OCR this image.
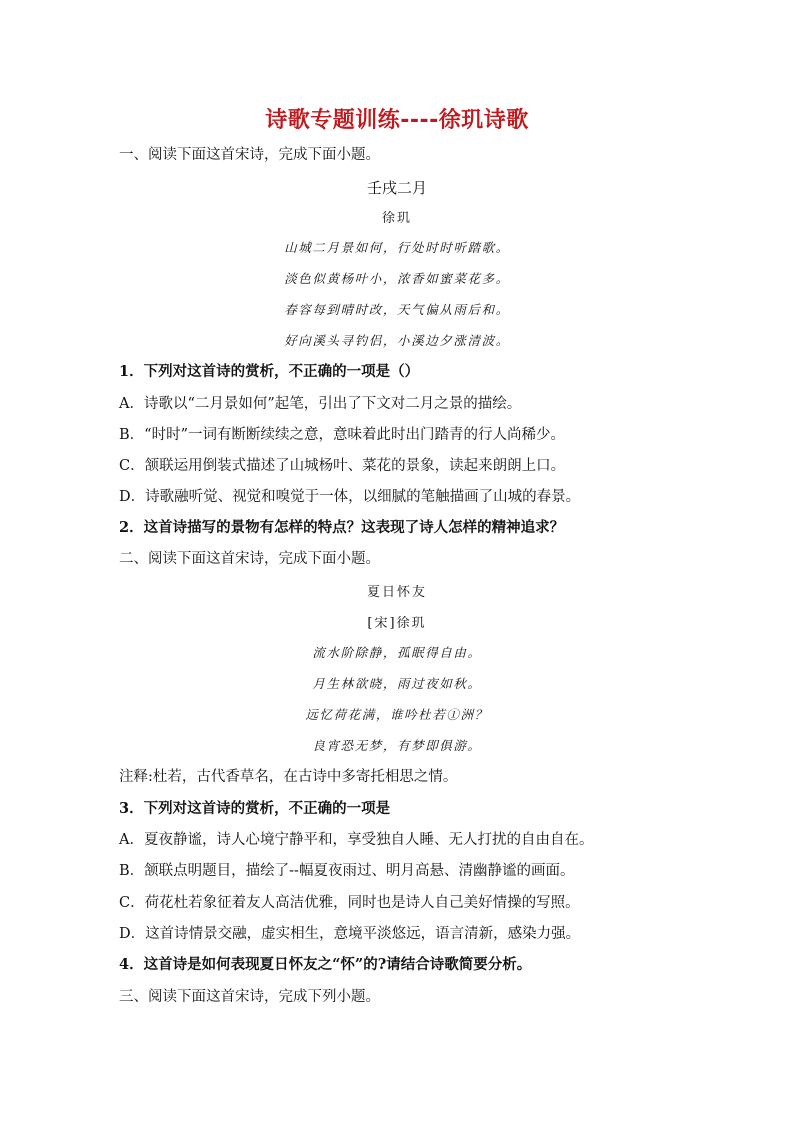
诗歌专题训练----徐玑诗歌
一、阅读下面这首宋诗，完成下面小题。
壬戌二月
徐玑
山城二月景如何，行处时时听踏歌。
淡色似黄杨叶小，浓香如蜜菜花多。
春容每到晴时改，天气偏从雨后和。
好向溪头寻钓侣，小溪边夕涨清波。
1．下列对这首诗的赏析，不正确的一项是（）
A．诗歌以“二月景如何”起笔，引出了下文对二月之景的描绘。
B．“时时”一词有断断续续之意，意味着此时出门踏青的行人尚稀少。
C．颔联运用倒装式描述了山城杨叶、菜花的景象，读起来朗朗上口。
D．诗歌融听觉、视觉和嗅觉于一体，以细腻的笔触描画了山城的春景。
2．这首诗描写的景物有怎样的特点？这表现了诗人怎样的精神追求？
二、阅读下面这首宋诗，完成下面小题。
夏日怀友
[宋]徐玑
流水阶除静，孤眠得自由。
月生林欲晓，雨过夜如秋。
远忆荷花满，谁吟杜若①洲？
良宵恐无梦，有梦即俱游。
注释:杜若，古代香草名，在古诗中多寄托相思之情。
3．下列对这首诗的赏析，不正确的一项是
A．夏夜静谧，诗人心境宁静平和，享受独自人睡、无人打扰的自由自在。
B．颔联点明题目，描绘了--幅夏夜雨过、明月高悬、清幽静谧的画面。
C．荷花杜若象征着友人高洁优雅，同时也是诗人自己美好情操的写照。
D．这首诗情景交融，虚实相生，意境平淡悠远，语言清新，感染力强。
4．这首诗是如何表现夏日怀友之“怀”的?请结合诗歌简要分析。
三、阅读下面这首宋诗，完成下列小题。
